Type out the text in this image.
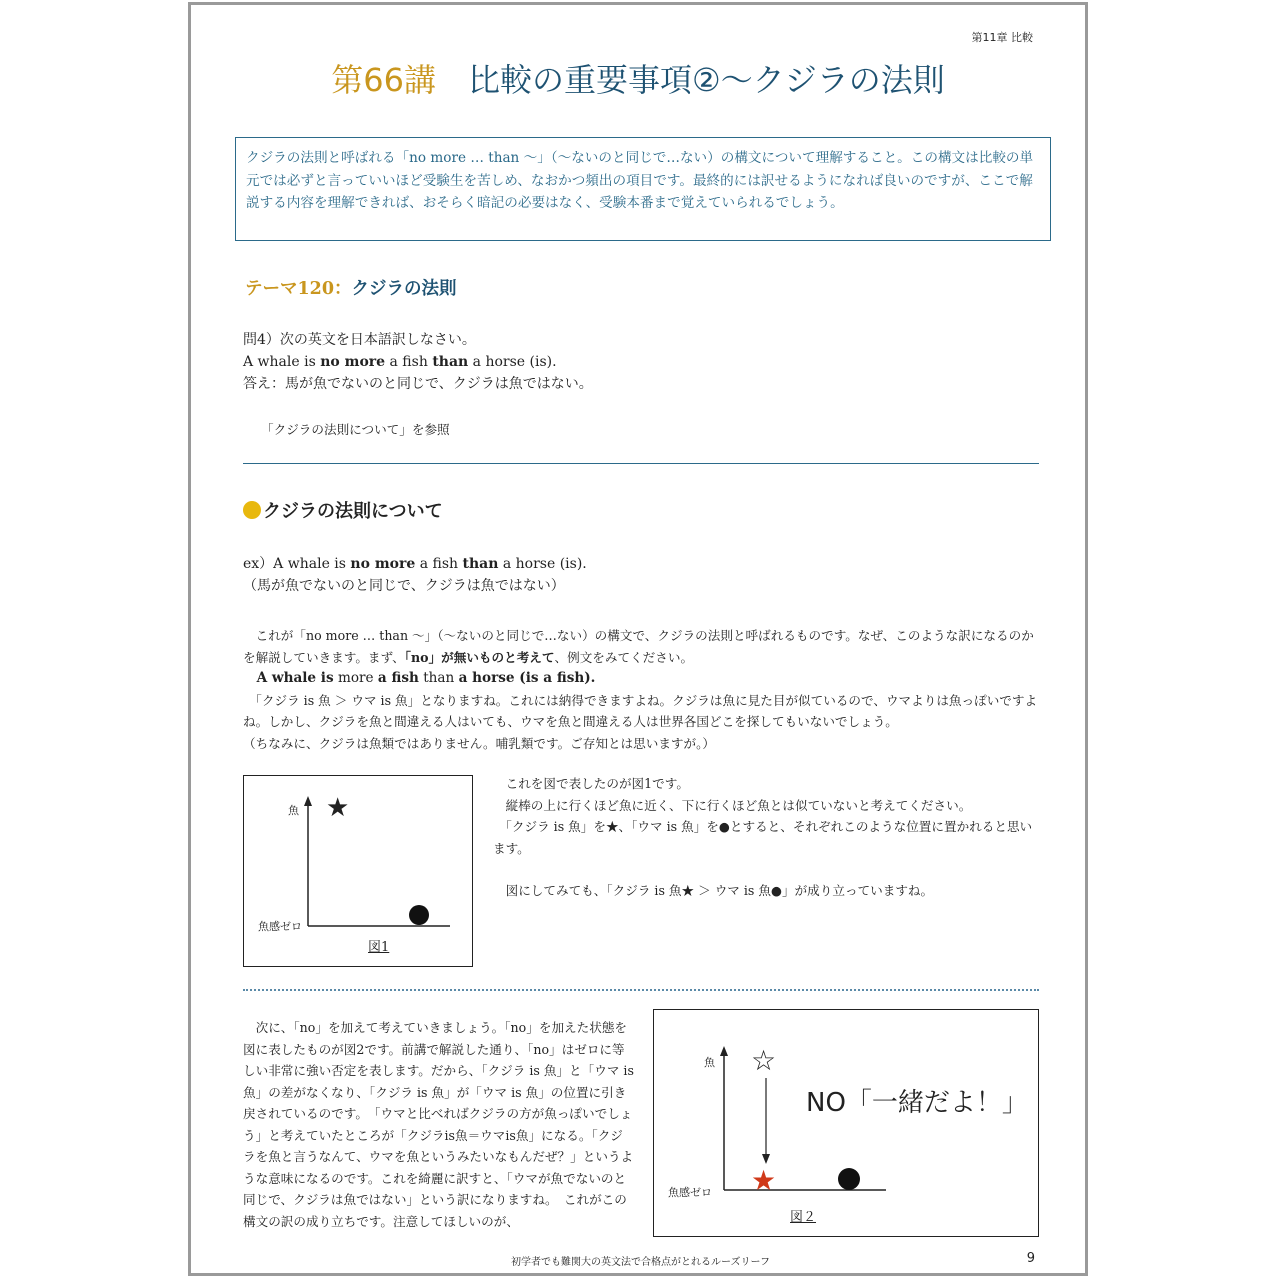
第11章 比較
第66講　 比較の重要事項②〜クジラの法則
クジラの法則と呼ばれる「no more … than 〜」（〜ないのと同じで…ない）の構文について理解すること。この構文は比較の単元では必ずと言っていいほど受験生を苦しめ、なおかつ頻出の項目です。最終的には訳せるようになれば良いのですが、ここで解説する内容を理解できれば、おそらく暗記の必要はなく、受験本番まで覚えていられるでしょう。
テーマ120：クジラの法則
問4）次の英文を日本語訳しなさい。
A whale is no more a fish than a horse (is).
答え：馬が魚でないのと同じで、クジラは魚ではない。
「クジラの法則について」を参照
クジラの法則について
ex）A whale is no more a fish than a horse (is).
（馬が魚でないのと同じで、クジラは魚ではない）
　これが「no more … than 〜」（〜ないのと同じで…ない）の構文で、クジラの法則と呼ばれるものです。なぜ、このような訳になるのかを解説していきます。まず、「no」が無いものと考えて、例文をみてください。
　A whale is more a fish than a horse (is a fish).
　「クジラ is 魚 ＞ ウマ is 魚」となりますね。これには納得できますよね。クジラは魚に見た目が似ているので、ウマよりは魚っぽいですよね。しかし、クジラを魚と間違える人はいても、ウマを魚と間違える人は世界各国どこを探してもいないでしょう。
（ちなみに、クジラは魚類ではありません。哺乳類です。ご存知とは思いますが。）
魚
魚感ゼロ
★
図1
　これを図で表したのが図1です。
　縦棒の上に行くほど魚に近く、下に行くほど魚とは似ていないと考えてください。
　「クジラ is 魚」を★、「ウマ is 魚」を●とすると、それぞれこのような位置に置かれると思います。
　図にしてみても、「クジラ is 魚★ ＞ ウマ is 魚●」が成り立っていますね。
　次に、「no」を加えて考えていきましょう。「no」を加えた状態を図に表したものが図2です。前講で解説した通り、「no」はゼロに等しい非常に強い否定を表します。だから、「クジラ is 魚」と「ウマ is 魚」の差がなくなり、「クジラ is 魚」が「ウマ is 魚」の位置に引き戻されているのです。　「ウマと比べればクジラの方が魚っぽいでしょう」と考えていたところが「クジラis魚＝ウマis魚」になる。「クジラを魚と言うなんて、ウマを魚というみたいなもんだぜ？」というような意味になるのです。これを綺麗に訳すと、「ウマが魚でないのと同じで、クジラは魚ではない」という訳になりますね。　これがこの構文の訳の成り立ちです。注意してほしいのが、
魚
魚感ゼロ
☆
★
NO「一緒だよ！」
図２
初学者でも難関大の英文法で合格点がとれるルーズリーフ	9
